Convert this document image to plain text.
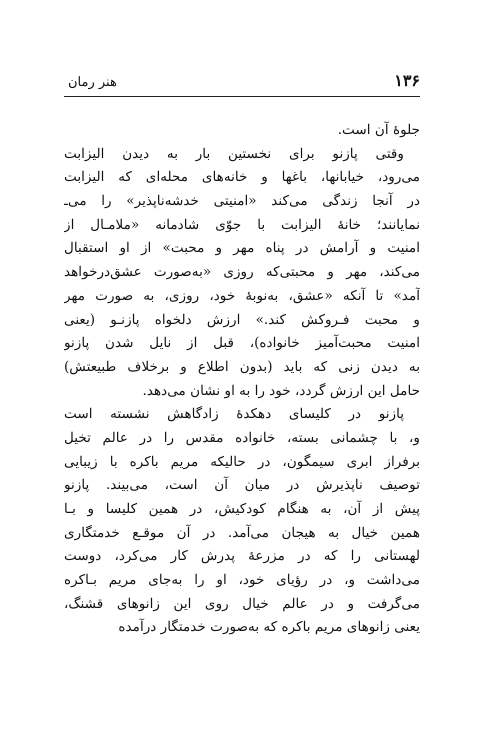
۱۳۶
هنر رمان
جلوهٔ آن است.
وقتی پازنو برای نخستین بار به دیدن الیزابت
می‌رود، خیابانها، باغها و خانه‌های محله‌ای که الیزابت
در آنجا زندگی می‌کند «امنیتی خدشه‌ناپذیر» را می‌ـ
نمایانند؛ خانهٔ الیزابت با جوّی شادمانه «ملامـال از
امنیت و آرامش در پناه مهر و محبت» از او استقبال
می‌کند، مهر و محبتی‌که روزی «به‌صورت عشق‌درخواهد
آمد» تا آنکه «عشق، به‌نوبهٔ خود، روزی، به صورت مهر
و محبت فـروکش کند.» ارزش دلخواه پازنـو (یعنی
امنیت محبت‌آمیز خانواده)، قبل از نایل شدن پازنو
به دیدن زنی که باید (بدون اطلاع و برخلاف طبیعتش)
حامل این ارزش گردد، خود را به او نشان می‌دهد.
پازنو در کلیسای دهکدهٔ زادگاهش نشسته است
و، با چشمانی بسته، خانواده مقدس را در عالم تخیل
برفراز ابری سیمگون، در حالیکه مریم باکره با زیبایی
توصیف ناپذیرش در میان آن است، می‌بیند. پازنو
پیش از آن، به هنگام کودکیش، در همین کلیسا و بـا
همین خیال به هیجان می‌آمد. در آن موقـع خدمتگاری
لهستانی را که در مزرعهٔ پدرش کار می‌کرد، دوست
می‌داشت و، در رؤیای خود، او را به‌جای مریم بـاکره
می‌گرفت و در عالم خیال روی این زانوهای قشنگ،
یعنی زانوهای مریم باکره که به‌صورت خدمتگار درآمده
